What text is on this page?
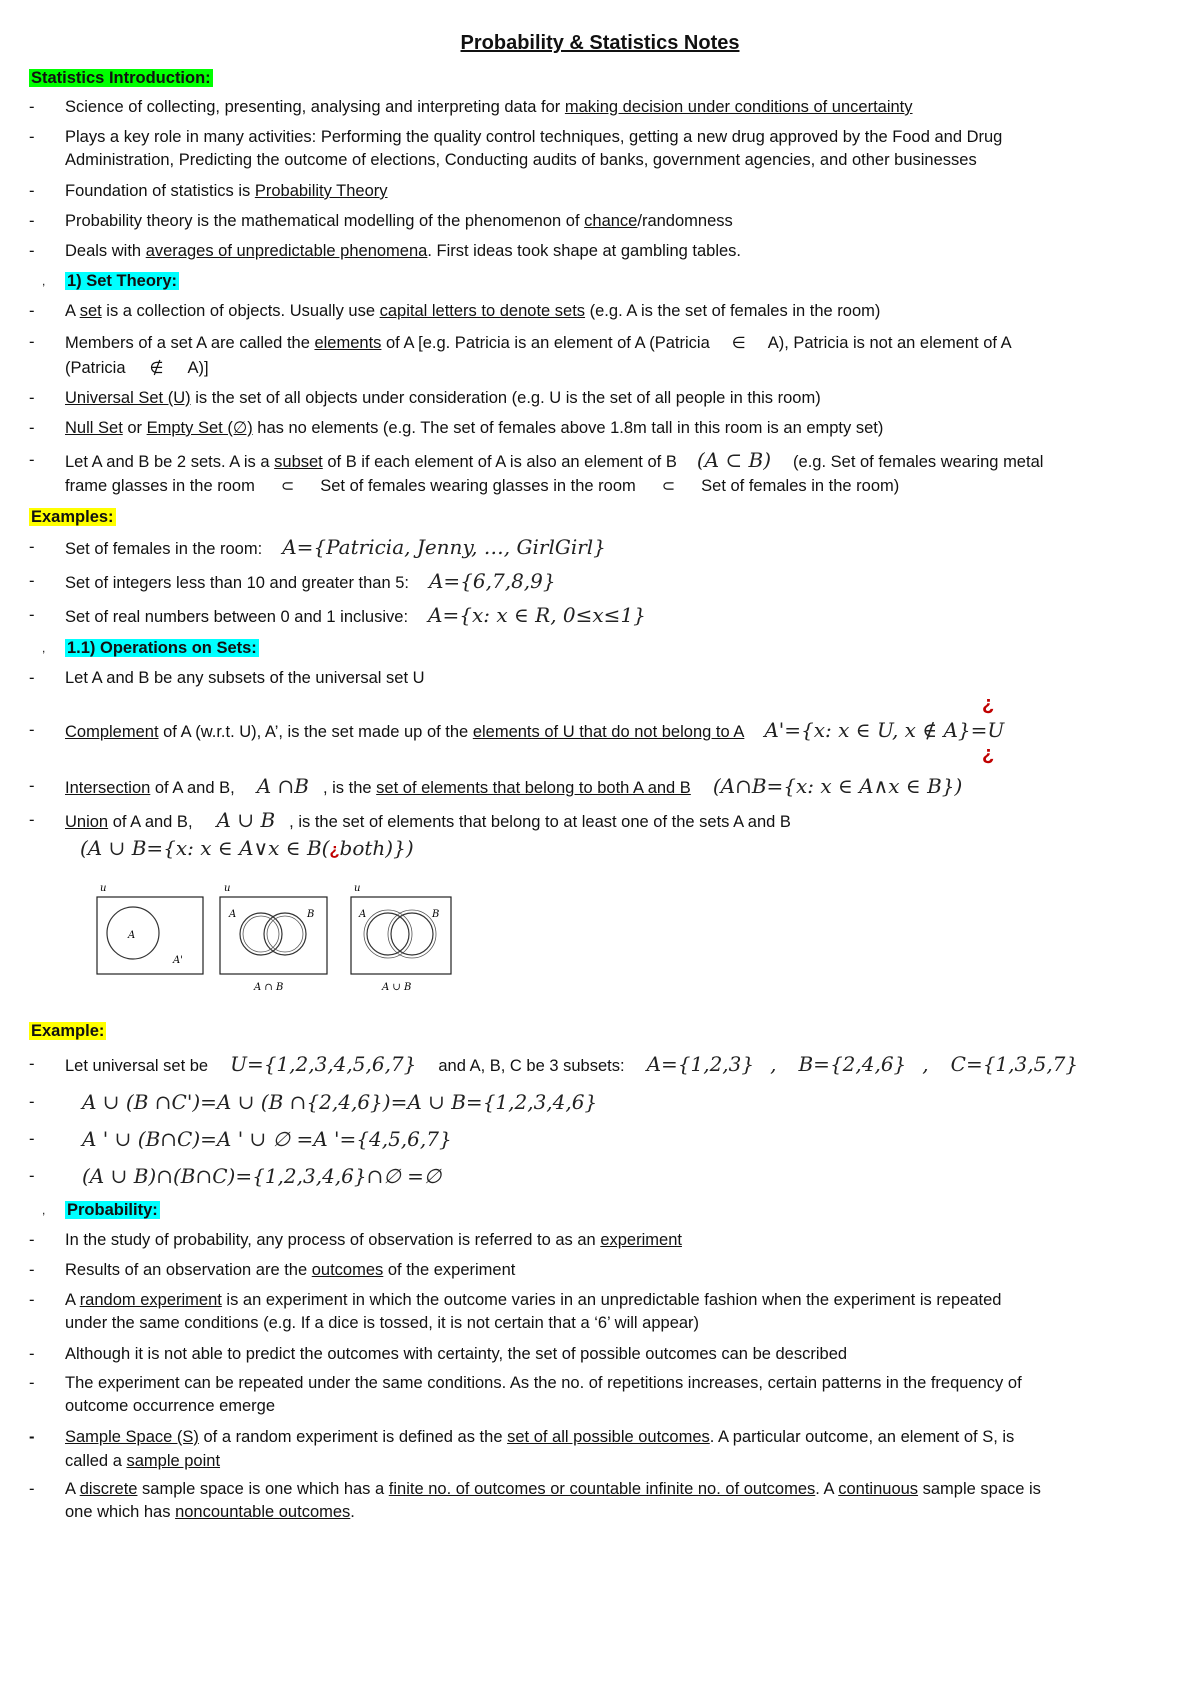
Probability & Statistics Notes
Statistics Introduction:
- Science of collecting, presenting, analysing and interpreting data for making decision under conditions of uncertainty
- Plays a key role in many activities: Performing the quality control techniques, getting a new drug approved by the Food and Drug
Administration, Predicting the outcome of elections, Conducting audits of banks, government agencies, and other businesses
- Foundation of statistics is Probability Theory
- Probability theory is the mathematical modelling of the phenomenon of chance/randomness
- Deals with averages of unpredictable phenomena. First ideas took shape at gambling tables.
, 1) Set Theory:
- A set is a collection of objects. Usually use capital letters to denote sets (e.g. A is the set of females in the room)
- Members of a set A are called the elements of A [e.g. Patricia is an element of A (Patricia ∈ A), Patricia is not an element of A
(Patricia ∉ A)]
- Universal Set (U) is the set of all objects under consideration (e.g. U is the set of all people in this room)
- Null Set or Empty Set (∅) has no elements (e.g. The set of females above 1.8m tall in this room is an empty set)
- Let A and B be 2 sets. A is a subset of B if each element of A is also an element of B (A ⊂ B) (e.g. Set of females wearing metal
frame glasses in the room ⊂ Set of females wearing glasses in the room ⊂ Set of females in the room)
Examples:
- Set of females in the room: A={Patricia, Jenny, …, GirlGirl}
- Set of integers less than 10 and greater than 5: A={6,7,8,9}
- Set of real numbers between 0 and 1 inclusive: A={x: x ∈ R, 0≤x≤1}
, 1.1) Operations on Sets:
- Let A and B be any subsets of the universal set U
¿
- Complement of A (w.r.t. U), A’, is the set made up of the elements of U that do not belong to A A'={x: x ∈ U, x ∉ A}=U
¿
- Intersection of A and B, A ∩B , is the set of elements that belong to both A and B (A∩B={x: x ∈ A∧x ∈ B})
- Union of A and B, A ∪ B , is the set of elements that belong to at least one of the sets A and B
(A ∪ B={x: x ∈ A∨x ∈ B(¿both)})
u
A
A'
u
A	B
A ∩ B
u
A	B
A ∪ B
Example:
- Let universal set be U={1,2,3,4,5,6,7} and A, B, C be 3 subsets: A={1,2,3} , B={2,4,6} , C={1,3,5,7}
- A ∪ (B ∩C')=A ∪ (B ∩{2,4,6})=A ∪ B={1,2,3,4,6}
- A ' ∪ (B∩C)=A ' ∪ ∅ =A '={4,5,6,7}
- (A ∪ B)∩(B∩C)={1,2,3,4,6}∩∅ =∅
, Probability:
- In the study of probability, any process of observation is referred to as an experiment
- Results of an observation are the outcomes of the experiment
- A random experiment is an experiment in which the outcome varies in an unpredictable fashion when the experiment is repeated
under the same conditions (e.g. If a dice is tossed, it is not certain that a ‘6’ will appear)
- Although it is not able to predict the outcomes with certainty, the set of possible outcomes can be described
- The experiment can be repeated under the same conditions. As the no. of repetitions increases, certain patterns in the frequency of
outcome occurrence emerge
- Sample Space (S) of a random experiment is defined as the set of all possible outcomes. A particular outcome, an element of S, is
called a sample point
- A discrete sample space is one which has a finite no. of outcomes or countable infinite no. of outcomes. A continuous sample space is
one which has noncountable outcomes.
